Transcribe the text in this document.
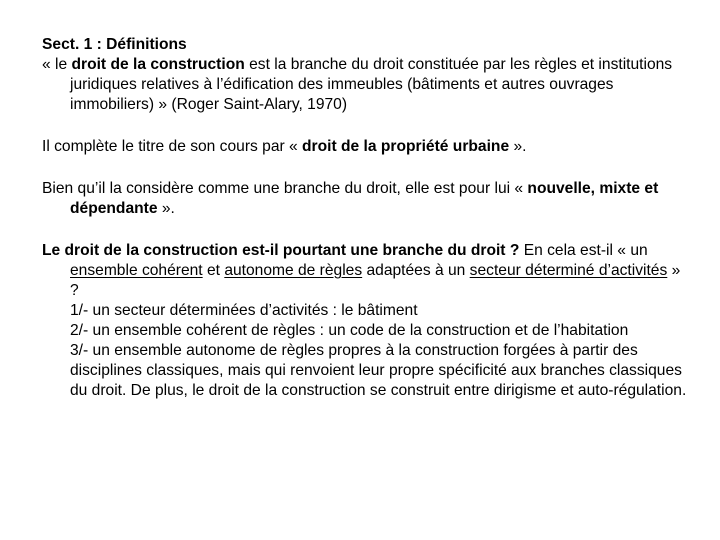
Sect. 1 : Définitions

« le droit de la construction est la branche du droit constituée par les règles et institutions juridiques relatives à l’édification des immeubles (bâtiments et autres ouvrages immobiliers) » (Roger Saint-Alary, 1970)

Il complète le titre de son cours par « droit de la propriété urbaine ».

Bien qu’il la considère comme une branche du droit, elle est pour lui « nouvelle, mixte et dépendante ».

Le droit de la construction est-il pourtant une branche du droit ? En cela est-il « un ensemble cohérent et autonome de règles adaptées à un secteur déterminé d’activités » ?

1/- un secteur déterminées d’activités : le bâtiment

2/- un ensemble cohérent de règles : un code de la construction et de l’habitation

3/- un ensemble autonome de règles propres à la construction forgées à partir des disciplines classiques, mais qui renvoient leur propre spécificité aux branches classiques du droit. De plus, le droit de la construction se construit entre dirigisme et auto-régulation.
